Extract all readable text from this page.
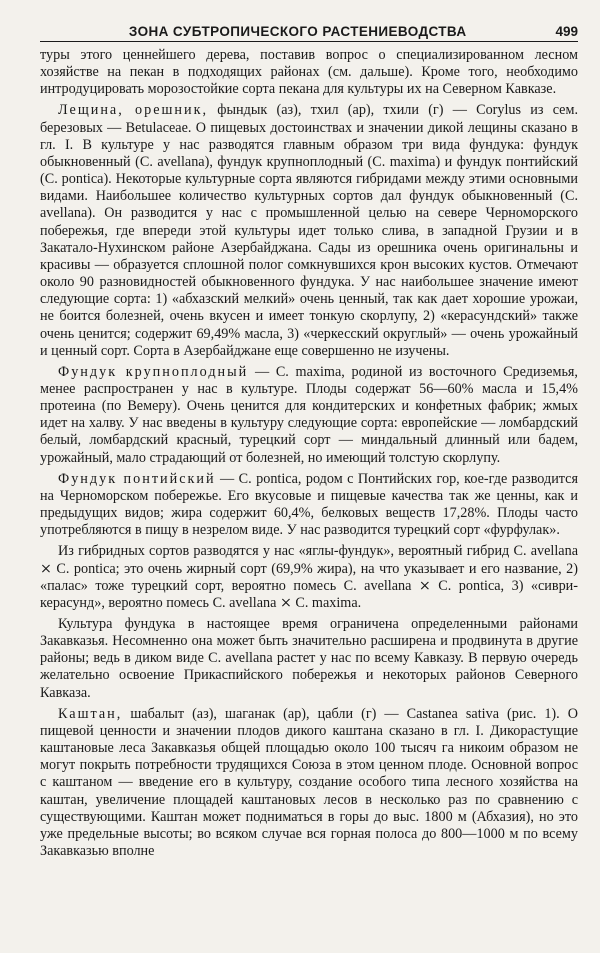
ЗОНА СУБТРОПИЧЕСКОГО РАСТЕНИЕВОДСТВА	499

туры этого ценнейшего дерева, поставив вопрос о специализированном лесном хозяйстве на пекан в подходящих районах (см. дальше). Кроме того, необходимо интродуцировать морозостойкие сорта пекана для культуры их на Северном Кавказе.

Лещина, орешник, фындык (аз), тхил (ар), тхили (г) — Corylus из сем. березовых — Betulaceae. О пищевых достоинствах и значении дикой лещины сказано в гл. I. В культуре у нас разводятся главным образом три вида фундука: фундук обыкновенный (C. avellana), фундук крупноплодный (C. maxima) и фундук понтийский (C. pontica). Некоторые культурные сорта являются гибридами между этими основными видами. Наибольшее количество культурных сортов дал фундук обыкновенный (C. avellana). Он разводится у нас с промышленной целью на севере Черноморского побережья, где впереди этой культуры идет только слива, в западной Грузии и в Закатало-Нухинском районе Азербайджана. Сады из орешника очень оригинальны и красивы — образуется сплошной полог сомкнувшихся крон высоких кустов. Отмечают около 90 разновидностей обыкновенного фундука. У нас наибольшее значение имеют следующие сорта: 1) «абхазский мелкий» очень ценный, так как дает хорошие урожаи, не боится болезней, очень вкусен и имеет тонкую скорлупу, 2) «керасундский» также очень ценится; содержит 69,49% масла, 3) «черкесский округлый» — очень урожайный и ценный сорт. Сорта в Азербайджане еще совершенно не изучены.

Фундук крупноплодный — C. maxima, родиной из восточного Средиземья, менее распространен у нас в культуре. Плоды содержат 56—60% масла и 15,4% протеина (по Вемеру). Очень ценится для кондитерских и конфетных фабрик; жмых идет на халву. У нас введены в культуру следующие сорта: европейские — ломбардский белый, ломбардский красный, турецкий сорт — миндальный длинный или бадем, урожайный, мало страдающий от болезней, но имеющий толстую скорлупу.

Фундук понтийский — C. pontica, родом с Понтийских гор, кое-где разводится на Черноморском побережье. Его вкусовые и пищевые качества так же ценны, как и предыдущих видов; жира содержит 60,4%, белковых веществ 17,28%. Плоды часто употребляются в пищу в незрелом виде. У нас разводится турецкий сорт «фурфулак».

Из гибридных сортов разводятся у нас «яглы-фундук», вероятный гибрид C. avellana ⨯ C. pontica; это очень жирный сорт (69,9% жира), на что указывает и его название, 2) «палас» тоже турецкий сорт, вероятно помесь C. avellana ⨯ C. pontica, 3) «сиври-керасунд», вероятно помесь C. avellana ⨯ C. maxima.

Культура фундука в настоящее время ограничена определенными районами Закавказья. Несомненно она может быть значительно расширена и продвинута в другие районы; ведь в диком виде C. avellana растет у нас по всему Кавказу. В первую очередь желательно освоение Прикаспийского побережья и некоторых районов Северного Кавказа.

Каштан, шабалыт (аз), шаганак (ар), цабли (г) — Castanea sativa (рис. 1). О пищевой ценности и значении плодов дикого каштана сказано в гл. I. Дикорастущие каштановые леса Закавказья общей площадью около 100 тысяч га никоим образом не могут покрыть потребности трудящихся Союза в этом ценном плоде. Основной вопрос с каштаном — введение его в культуру, создание особого типа лесного хозяйства на каштан, увеличение площадей каштановых лесов в несколько раз по сравнению с существующими. Каштан может подниматься в горы до выс. 1800 м (Абхазия), но это уже предельные высоты; во всяком случае вся горная полоса до 800—1000 м по всему Закавказью вполне
